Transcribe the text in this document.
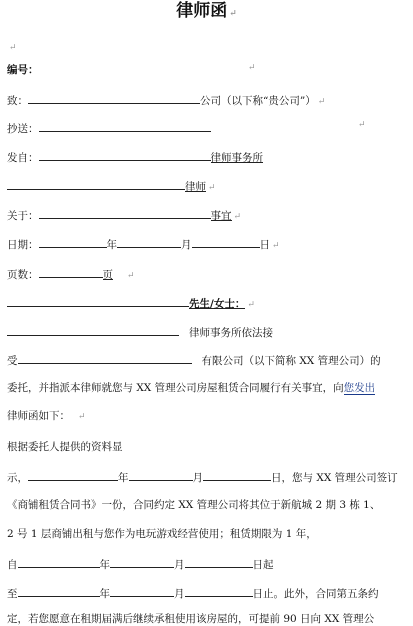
律师函 ↵
↵
编号：	↵
致：	公司（以下称“贵公司”） ↵
抄送：	↵
发自：	律师事务所
律师 ↵
关于：	事宜 ↵
日期：	年	月	日 ↵
页数：	页 ↵
先生/女士： ↵
律师事务所依法接
受	有限公司（以下简称 XX 管理公司）的
委托，并指派本律师就您与 XX 管理公司房屋租赁合同履行有关事宜，向您发出
律师函如下： ↵
根据委托人提供的资料显
示，	年	月	日，您与 XX 管理公司签订
《商铺租赁合同书》一份，合同约定 XX 管理公司将其位于新航城 2 期 3 栋 1、
2 号 1 层商铺出租与您作为电玩游戏经营使用；租赁期限为 1 年，
自	年	月	日起
至	年	月	日止。此外，合同第五条约
定，若您愿意在租期届满后继续承租使用该房屋的，可提前 90 日向 XX 管理公
